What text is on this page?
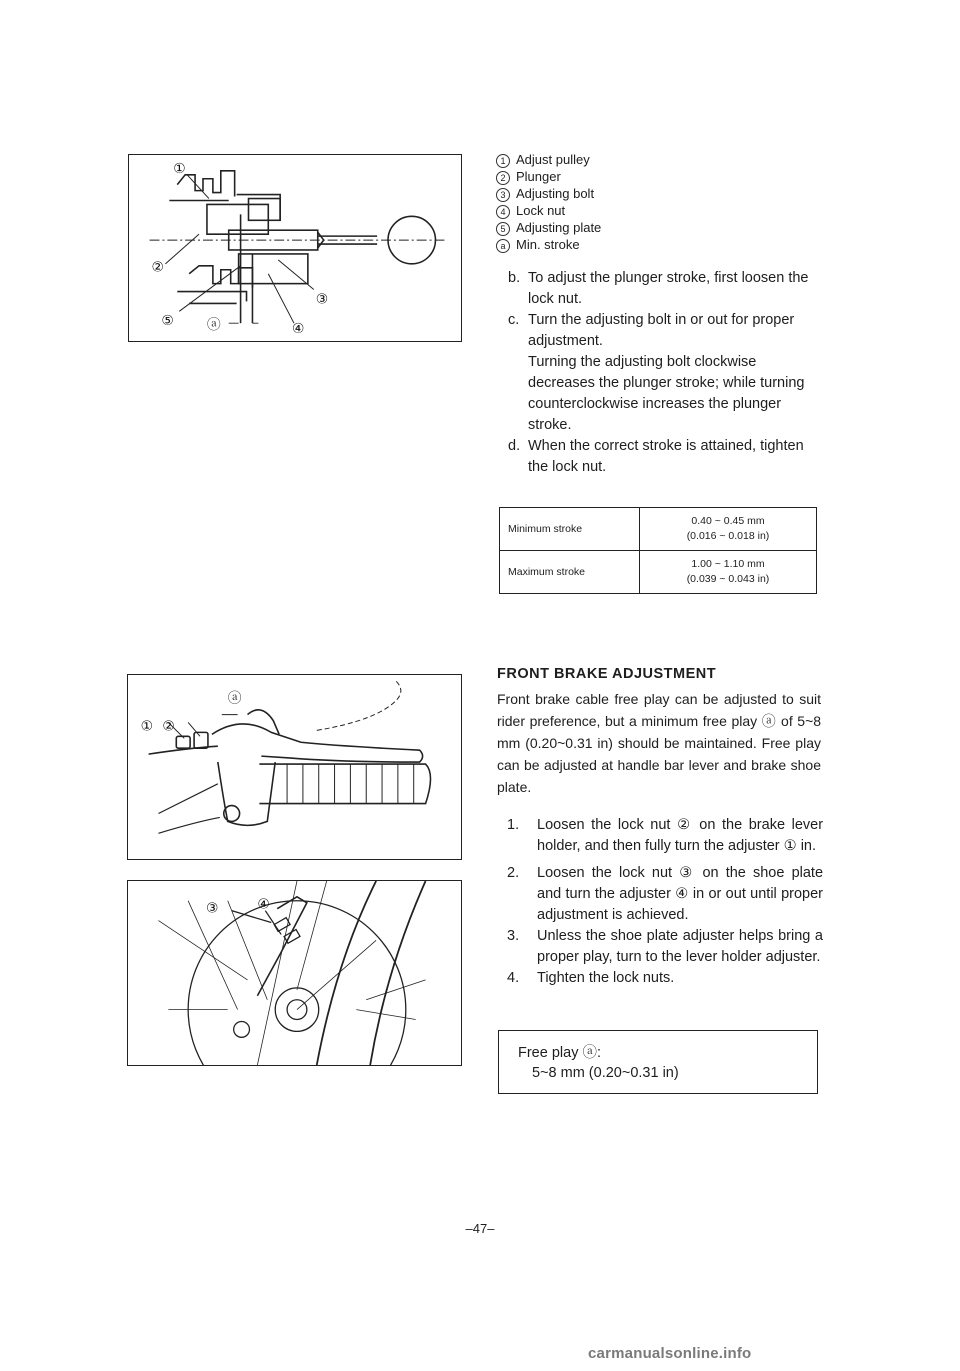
①
②
③
⑤ ⓐ	④
1 Adjust pulley
2 Plunger
3 Adjusting bolt
4 Lock nut
5 Adjusting plate
a Min. stroke

b. To adjust the plunger stroke, first loosen the lock nut.

c. Turn the adjusting bolt in or out for proper adjustment.
Turning the adjusting bolt clockwise decreases the plunger stroke; while turning counterclockwise increases the plunger stroke.

d. When the correct stroke is attained, tighten the lock nut.

Minimum stroke	0.40 ~ 0.45 mm
(0.016 ~ 0.018 in)
Maximum stroke	1.00 ~ 1.10 mm
(0.039 ~ 0.043 in)
ⓐ
① ②
③	④
FRONT BRAKE ADJUSTMENT
Front brake cable free play can be adjusted to suit rider preference, but a minimum free play ⓐ of 5~8 mm (0.20~0.31 in) should be maintained. Free play can be adjusted at handle bar lever and brake shoe plate.

1. Loosen the lock nut ② on the brake lever holder, and then fully turn the adjuster ① in.

2. Loosen the lock nut ③ on the shoe plate and turn the adjuster ④ in or out until proper adjustment is achieved.

3. Unless the shoe plate adjuster helps bring a proper play, turn to the lever holder adjuster.

4. Tighten the lock nuts.

Free play ⓐ:
5~8 mm (0.20~0.31 in)
–47–
carmanualsonline.info
